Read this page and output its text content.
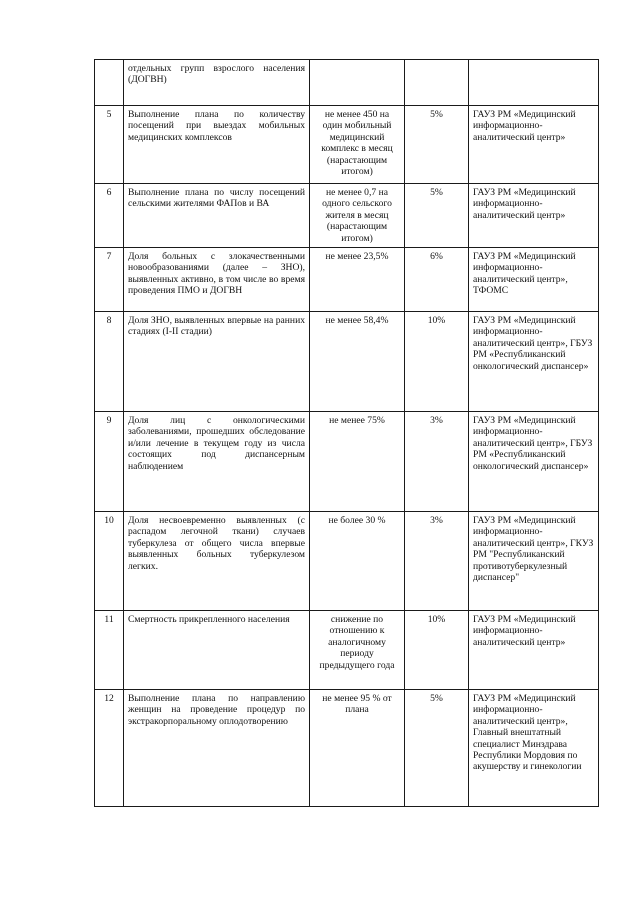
	отдельных групп взрослого населения (ДОГВН)			
5	Выполнение плана по количеству посещений при выездах мобильных медицинских комплексов	не менее 450 на один мобильный медицинский комплекс в месяц (нарастающим итогом)	5%	ГАУЗ РМ «Медицинский информационно-аналитический центр»
6	Выполнение плана по числу посещений сельскими жителями ФАПов и ВА	не менее 0,7 на одного сельского жителя в месяц (нарастающим итогом)	5%	ГАУЗ РМ «Медицинский информационно-аналитический центр»
7	Доля больных с злокачественными новообразованиями (далее – ЗНО), выявленных активно, в том числе во время проведения ПМО и ДОГВН	не менее 23,5%	6%	ГАУЗ РМ «Медицинский информационно-аналитический центр», ТФОМС
8	Доля ЗНО, выявленных впервые на ранних стадиях (I-II стадии)	не менее 58,4%	10%	ГАУЗ РМ «Медицинский информационно-аналитический центр», ГБУЗ РМ «Республиканский онкологический диспансер»
9	Доля лиц с онкологическими заболеваниями, прошедших обследование и/или лечение в текущем году из числа состоящих под диспансерным наблюдением	не менее 75%	3%	ГАУЗ РМ «Медицинский информационно-аналитический центр», ГБУЗ РМ «Республиканский онкологический диспансер»
10	Доля несвоевременно выявленных (с распадом легочной ткани) случаев туберкулеза от общего числа впервые выявленных больных туберкулезом легких.	не более 30 %	3%	ГАУЗ РМ «Медицинский информационно-аналитический центр», ГКУЗ РМ "Республиканский противотуберкулезный диспансер"
11	Смертность прикрепленного населения	снижение по отношению к аналогичному периоду предыдущего года	10%	ГАУЗ РМ «Медицинский информационно-аналитический центр»
12	Выполнение плана по направлению женщин на проведение процедур по экстракорпоральному оплодотворению	не менее 95 % от плана	5%	ГАУЗ РМ «Медицинский информационно-аналитический центр», Главный внештатный специалист Минздрава Республики Мордовия по акушерству и гинекологии
